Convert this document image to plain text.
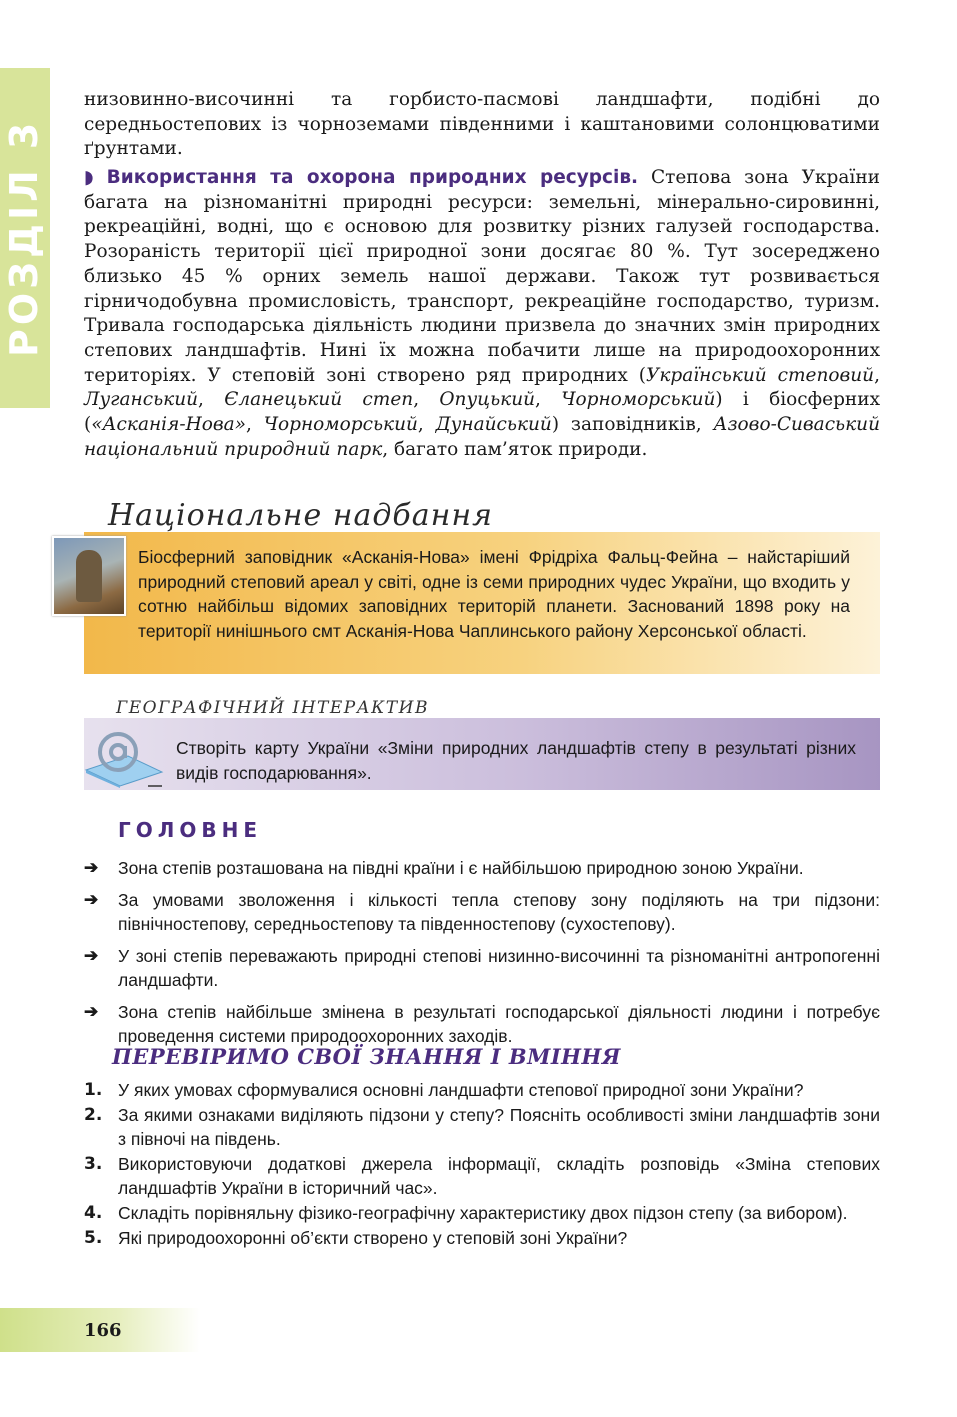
РОЗДІЛ 3

низовинно-височинні та горбисто-пасмові ландшафти, подібні до середньостепових із чорноземами південними і каштановими солонцюватими ґрунтами.

◗ Використання та охорона природних ресурсів. Степова зона України багата на різноманітні природні ресурси: земельні, мінерально-сировинні, рекреаційні, водні, що є основою для розвитку різних галузей господарства. Розораність території цієї природної зони досягає 80 %. Тут зосереджено близько 45 % орних земель нашої держави. Також тут розвивається гірничодобувна промисловість, транспорт, рекреаційне господарство, туризм. Тривала господарська діяльність людини призвела до значних змін природних степових ландшафтів. Нині їх можна побачити лише на природоохоронних територіях. У степовій зоні створено ряд природних (Український степовий, Луганський, Єланецький степ, Опуцький, Чорноморський) і біосферних («Асканія-Нова», Чорноморський, Дунайський) заповідників, Азово-Сиваський національний природний парк, багато пам’яток природи.

Національне надбання

Біосферний заповідник «Асканія-Нова» імені Фрідріха Фальц-Фейна – найстаріший природний степовий ареал у світі, одне із семи природних чудес України, що входить у сотню найбільш відомих заповідних територій планети. Заснований 1898 року на території нинішнього смт Асканія-Нова Чаплинського району Херсонської області.

ГЕОГРАФІЧНИЙ ІНТЕРАКТИВ

Створіть карту України «Зміни природних ландшафтів степу в результаті різних видів господарювання».

ГОЛОВНЕ
➔ Зона степів розташована на півдні країни і є найбільшою природною зоною України.
➔ За умовами зволоження і кількості тепла степову зону поділяють на три підзони: північностепову, середньостепову та південностепову (сухостепову).
➔ У зоні степів переважають природні степові низинно-височинні та різноманітні антропогенні ландшафти.
➔ Зона степів найбільше змінена в результаті господарської діяльності людини і потребує проведення системи природоохоронних заходів.
ПЕРЕВІРИМО СВОЇ ЗНАННЯ І ВМІННЯ
1. У яких умовах сформувалися основні ландшафти степової природної зони України?
2. За якими ознаками виділяють підзони у степу? Поясніть особливості зміни ландшафтів зони з півночі на південь.
3. Використовуючи додаткові джерела інформації, складіть розповідь «Зміна степових ландшафтів України в історичний час».
4. Складіть порівняльну фізико-географічну характеристику двох підзон степу (за вибором).
5. Які природоохоронні об’єкти створено у степовій зоні України?
166
